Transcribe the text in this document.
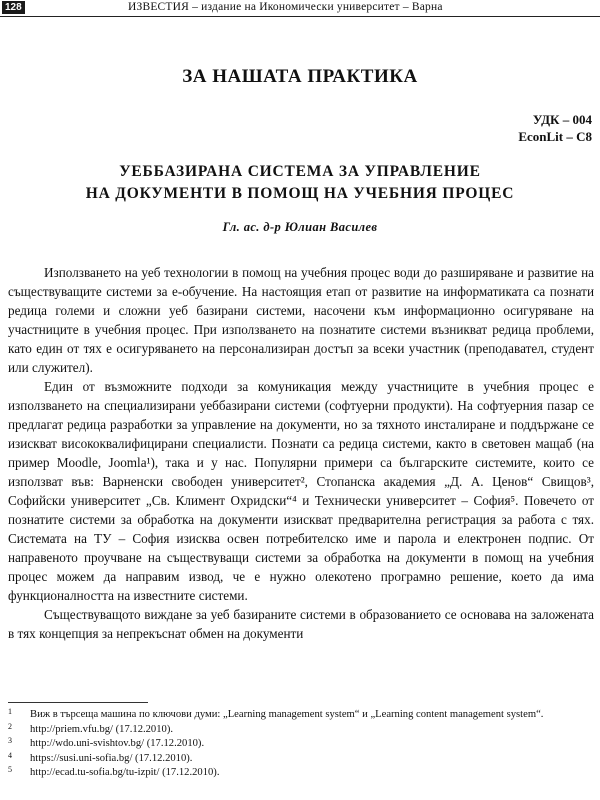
128	ИЗВЕСТИЯ – издание на Икономически университет – Варна
ЗА НАШАТА ПРАКТИКА
УДК – 004
EconLit – C8
УЕББАЗИРАНА СИСТЕМА ЗА УПРАВЛЕНИЕ
НА ДОКУМЕНТИ В ПОМОЩ НА УЧЕБНИЯ ПРОЦЕС
Гл. ас. д-р Юлиан Василев

Използването на уеб технологии в помощ на учебния процес води до разширяване и развитие на съществуващите системи за е-обучение. На настоящия етап от развитие на информатиката са познати редица големи и сложни уеб базирани системи, насочени към информационно осигуряване на участниците в учебния процес. При използването на познатите системи възникват редица проблеми, като един от тях е осигуряването на персонализиран достъп за всеки участник (преподавател, студент или служител).

Един от възможните подходи за комуникация между участниците в учебния процес е използването на специализирани уеббазирани системи (софтуерни продукти). На софтуерния пазар се предлагат редица разработки за управление на документи, но за тяхното инсталиране и поддържане се изискват висококвалифицирани специалисти. Познати са редица системи, както в световен мащаб (на пример Moodle, Joomla¹), така и у нас. Популярни примери са българските системите, които се използват във: Варненски свободен университет², Стопанска академия „Д. А. Ценов“ Свищов³, Софийски университет „Св. Климент Охридски“⁴ и Технически университет – София⁵. Повечето от познатите системи за обработка на документи изискват предварителна регистрация за работа с тях. Системата на ТУ – София изисква освен потребителско име и парола и електронен подпис. От направеното проучване на съществуващи системи за обработка на документи в помощ на учебния процес можем да направим извод, че е нужно олекотено програмно решение, което да има функционалността на известните системи.

Съществуващото виждане за уеб базираните системи в образованието се основава на заложената в тях концепция за непрекъснат обмен на документи

1 Виж в търсеща машина по ключови думи: „Learning management system“ и „Learning content management system“.
2 http://priem.vfu.bg/ (17.12.2010).
3 http://wdo.uni-svishtov.bg/ (17.12.2010).
4 https://susi.uni-sofia.bg/ (17.12.2010).
5 http://ecad.tu-sofia.bg/tu-izpit/ (17.12.2010).
